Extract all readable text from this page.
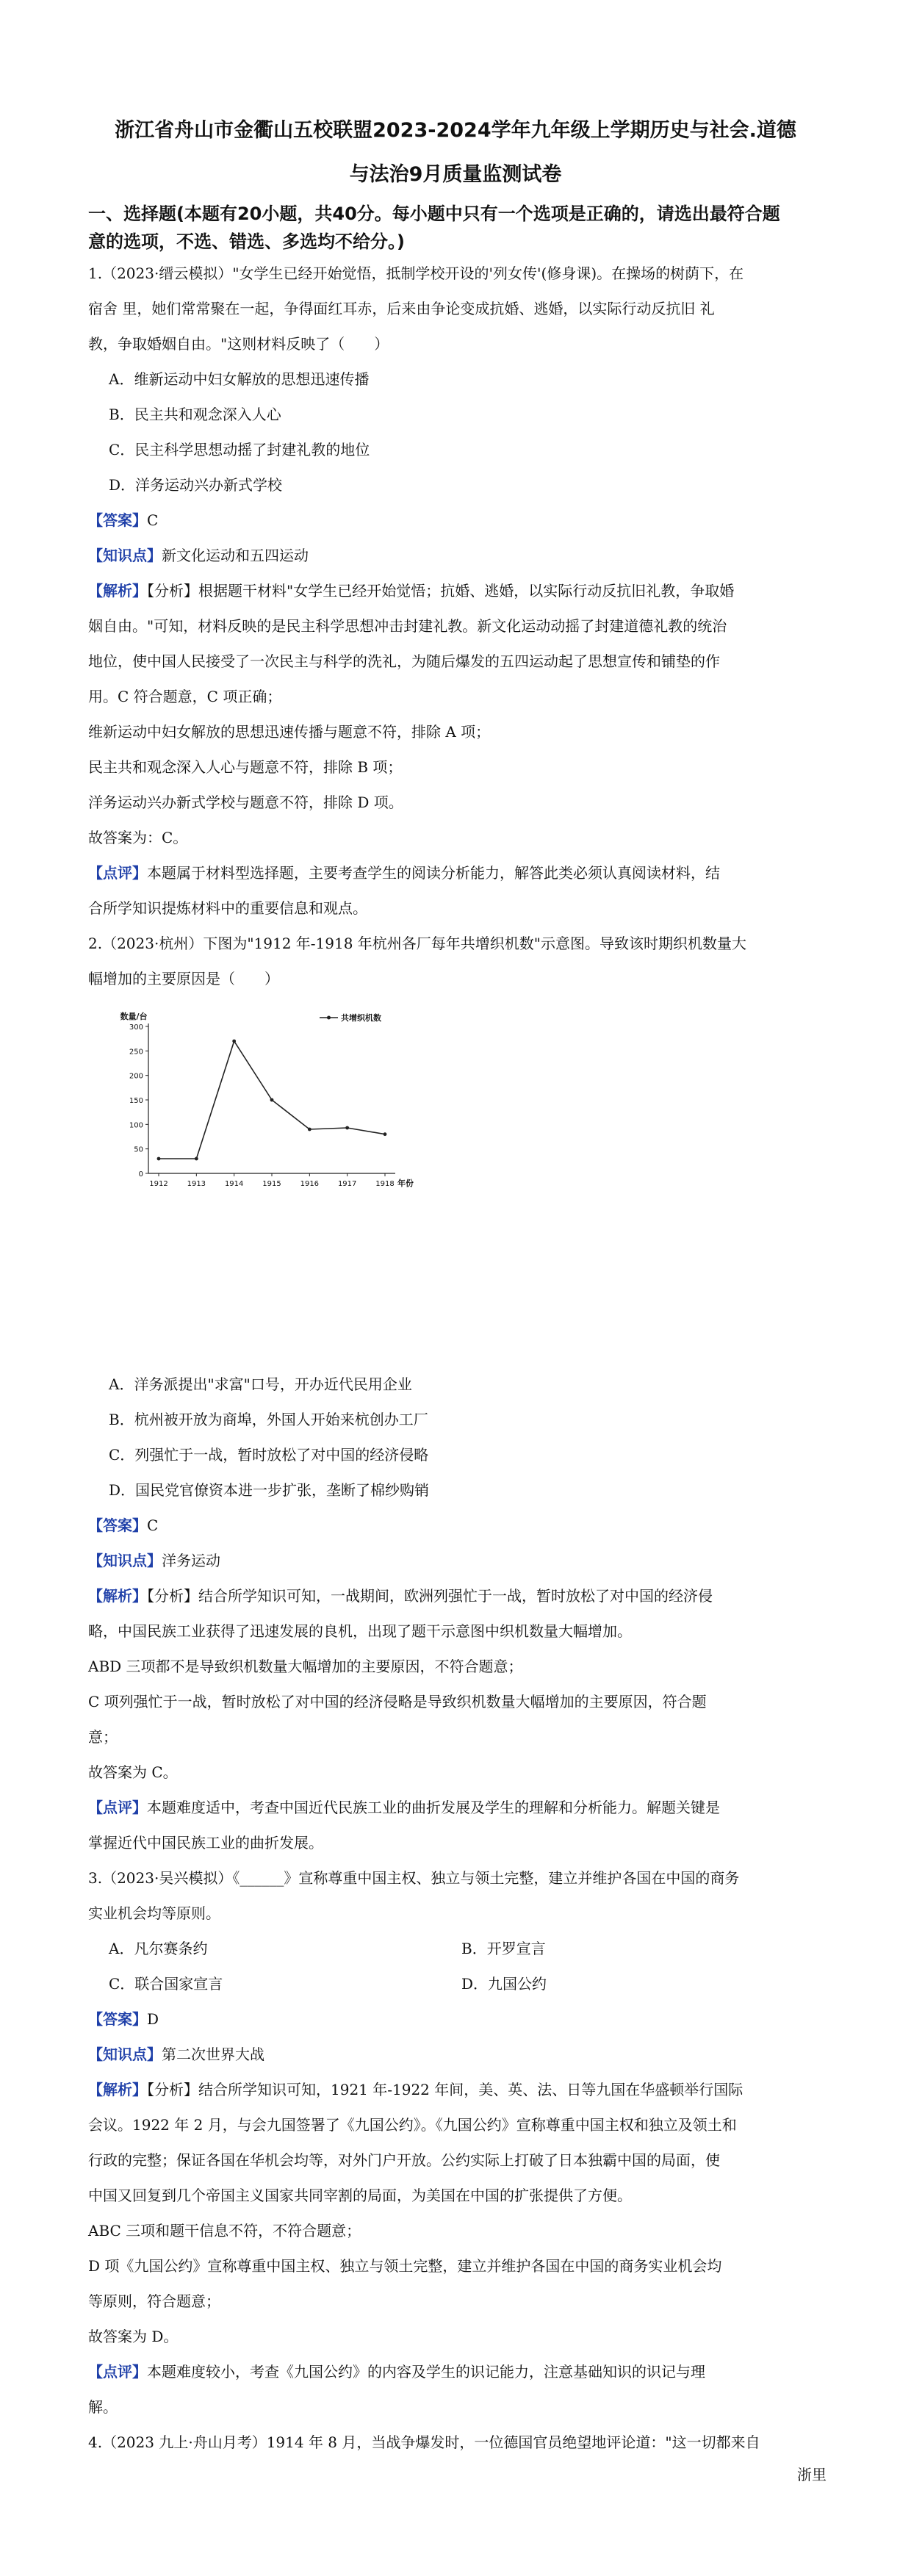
浙江省舟山市金衢山五校联盟2023-2024学年九年级上学期历史与社会.道德
与法治9月质量监测试卷
一、选择题(本题有20小题，共40分。每小题中只有一个选项是正确的，请选出最符合题
意的选项，不选、错选、多选均不给分。)
1.（2023·缙云模拟）"女学生已经开始觉悟，抵制学校开设的'列女传'(修身课)。在操场的树荫下，在
宿舍 里，她们常常聚在一起，争得面红耳赤，后来由争论变成抗婚、逃婚，以实际行动反抗旧 礼
教，争取婚姻自由。"这则材料反映了（　　）
A．维新运动中妇女解放的思想迅速传播
B．民主共和观念深入人心
C．民主科学思想动摇了封建礼教的地位
D．洋务运动兴办新式学校
【答案】C
【知识点】新文化运动和五四运动
【解析】【分析】根据题干材料"女学生已经开始觉悟；抗婚、逃婚，以实际行动反抗旧礼教，争取婚
姻自由。"可知，材料反映的是民主科学思想冲击封建礼教。新文化运动动摇了封建道德礼教的统治
地位，使中国人民接受了一次民主与科学的洗礼，为随后爆发的五四运动起了思想宣传和铺垫的作
用。C 符合题意，C 项正确；
维新运动中妇女解放的思想迅速传播与题意不符，排除 A 项；
民主共和观念深入人心与题意不符，排除 B 项；
洋务运动兴办新式学校与题意不符，排除 D 项。
故答案为：C。
【点评】本题属于材料型选择题，主要考查学生的阅读分析能力，解答此类必须认真阅读材料，结
合所学知识提炼材料中的重要信息和观点。
2.（2023·杭州）下图为"1912 年-1918 年杭州各厂每年共增织机数"示意图。导致该时期织机数量大
幅增加的主要原因是（　　）
0
50
100
150
200
250
300
1912	1913	1914	1915	1916	1917	1918
数量/台
年份
共增织机数
A．洋务派提出"求富"口号，开办近代民用企业
B．杭州被开放为商埠，外国人开始来杭创办工厂
C．列强忙于一战，暂时放松了对中国的经济侵略
D．国民党官僚资本进一步扩张，垄断了棉纱购销
【答案】C
【知识点】洋务运动
【解析】【分析】结合所学知识可知，一战期间，欧洲列强忙于一战，暂时放松了对中国的经济侵
略，中国民族工业获得了迅速发展的良机，出现了题干示意图中织机数量大幅增加。
ABD 三项都不是导致织机数量大幅增加的主要原因，不符合题意；
C 项列强忙于一战，暂时放松了对中国的经济侵略是导致织机数量大幅增加的主要原因，符合题
意；
故答案为 C。
【点评】本题难度适中，考查中国近代民族工业的曲折发展及学生的理解和分析能力。解题关键是
掌握近代中国民族工业的曲折发展。
3.（2023·吴兴模拟）《______》宣称尊重中国主权、独立与领土完整，建立并维护各国在中国的商务
实业机会均等原则。
A．凡尔赛条约	B．开罗宣言
C．联合国家宣言	D．九国公约
【答案】D
【知识点】第二次世界大战
【解析】【分析】结合所学知识可知，1921 年-1922 年间，美、英、法、日等九国在华盛顿举行国际
会议。1922 年 2 月，与会九国签署了《九国公约》。《九国公约》宣称尊重中国主权和独立及领土和
行政的完整；保证各国在华机会均等，对外门户开放。公约实际上打破了日本独霸中国的局面，使
中国又回复到几个帝国主义国家共同宰割的局面，为美国在中国的扩张提供了方便。
ABC 三项和题干信息不符，不符合题意；
D 项《九国公约》宣称尊重中国主权、独立与领土完整，建立并维护各国在中国的商务实业机会均
等原则，符合题意；
故答案为 D。
【点评】本题难度较小，考查《九国公约》的内容及学生的识记能力，注意基础知识的识记与理
解。
4.（2023 九上·舟山月考）1914 年 8 月，当战争爆发时，一位德国官员绝望地评论道："这一切都来自
浙里
